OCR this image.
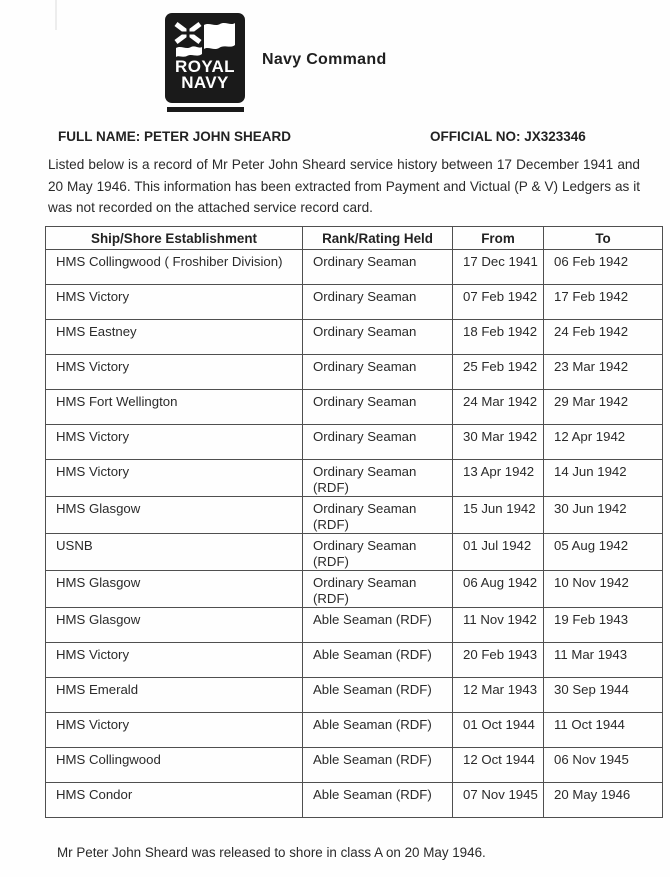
ROYAL
NAVY
Navy Command
FULL NAME: PETER JOHN SHEARD	OFFICIAL NO: JX323346

Listed below is a record of Mr Peter John Sheard service history between 17 December 1941 and 20 May 1946. This information has been extracted from Payment and Victual (P & V) Ledgers as it was not recorded on the attached service record card.

Ship/Shore Establishment	Rank/Rating Held	From	To
HMS Collingwood ( Froshiber Division)	Ordinary Seaman	17 Dec 1941	06 Feb 1942
HMS Victory	Ordinary Seaman	07 Feb 1942	17 Feb 1942
HMS Eastney	Ordinary Seaman	18 Feb 1942	24 Feb 1942
HMS Victory	Ordinary Seaman	25 Feb 1942	23 Mar 1942
HMS Fort Wellington	Ordinary Seaman	24 Mar 1942	29 Mar 1942
HMS Victory	Ordinary Seaman	30 Mar 1942	12 Apr 1942
HMS Victory	Ordinary Seaman (RDF)	13 Apr 1942	14 Jun 1942
HMS Glasgow	Ordinary Seaman (RDF)	15 Jun 1942	30 Jun 1942
USNB	Ordinary Seaman (RDF)	01 Jul 1942	05 Aug 1942
HMS Glasgow	Ordinary Seaman (RDF)	06 Aug 1942	10 Nov 1942
HMS Glasgow	Able Seaman (RDF)	11 Nov 1942	19 Feb 1943
HMS Victory	Able Seaman (RDF)	20 Feb 1943	11 Mar 1943
HMS Emerald	Able Seaman (RDF)	12 Mar 1943	30 Sep 1944
HMS Victory	Able Seaman (RDF)	01 Oct 1944	11 Oct 1944
HMS Collingwood	Able Seaman (RDF)	12 Oct 1944	06 Nov 1945
HMS Condor	Able Seaman (RDF)	07 Nov 1945	20 May 1946
Mr Peter John Sheard was released to shore in class A on 20 May 1946.
